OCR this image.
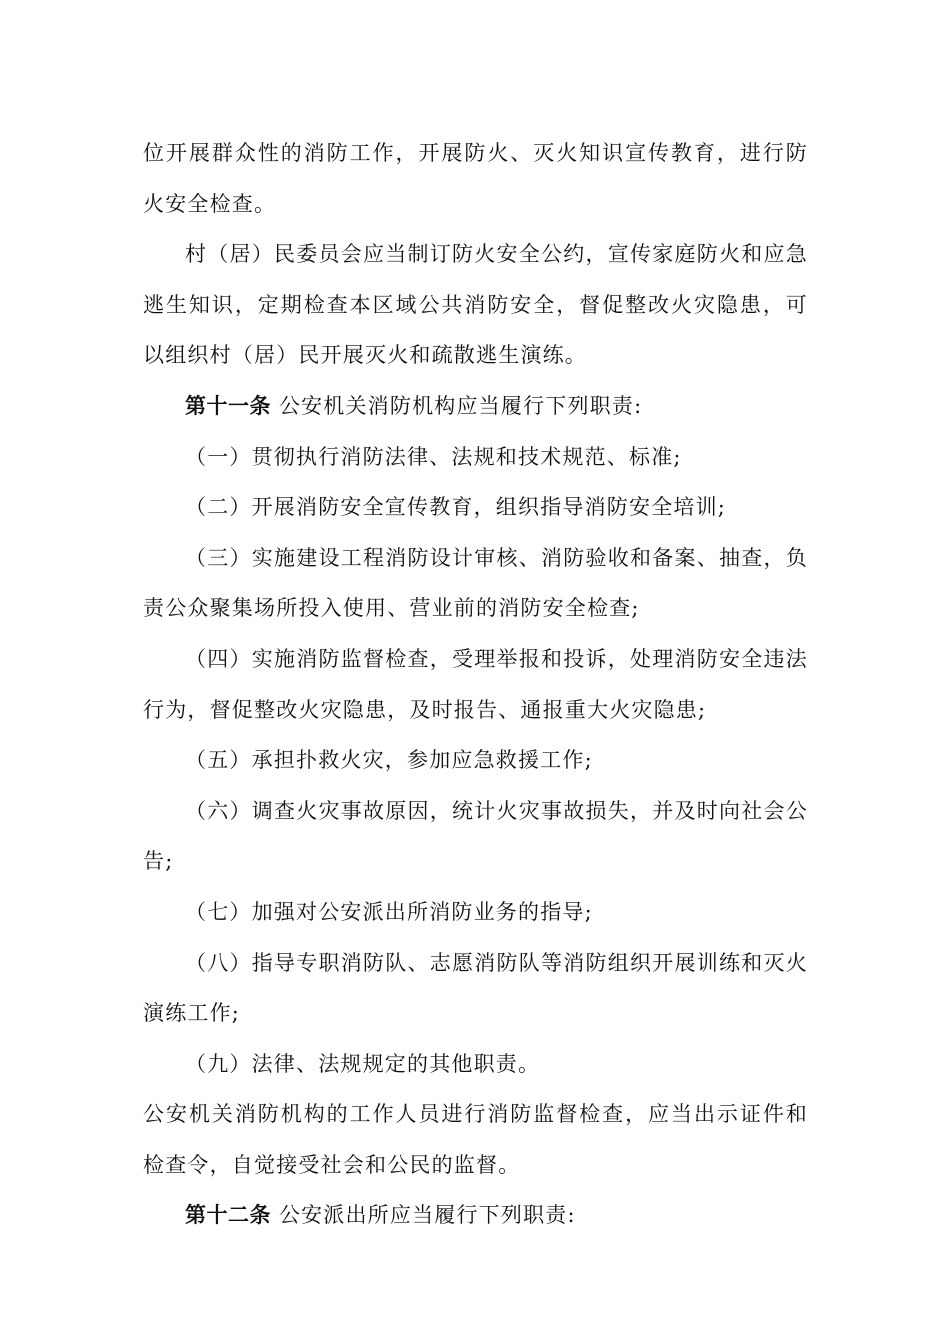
位开展群众性的消防工作，开展防火、灭火知识宣传教育，进行防火安全检查。

村（居）民委员会应当制订防火安全公约，宣传家庭防火和应急逃生知识，定期检查本区域公共消防安全，督促整改火灾隐患，可以组织村（居）民开展灭火和疏散逃生演练。

第十一条 公安机关消防机构应当履行下列职责:

（一）贯彻执行消防法律、法规和技术规范、标准;

（二）开展消防安全宣传教育，组织指导消防安全培训;

（三）实施建设工程消防设计审核、消防验收和备案、抽查，负责公众聚集场所投入使用、营业前的消防安全检查;

（四）实施消防监督检查，受理举报和投诉，处理消防安全违法行为，督促整改火灾隐患，及时报告、通报重大火灾隐患;

（五）承担扑救火灾，参加应急救援工作;

（六）调查火灾事故原因，统计火灾事故损失，并及时向社会公告;

（七）加强对公安派出所消防业务的指导;

（八）指导专职消防队、志愿消防队等消防组织开展训练和灭火演练工作;

（九）法律、法规规定的其他职责。

公安机关消防机构的工作人员进行消防监督检查，应当出示证件和检查令，自觉接受社会和公民的监督。

第十二条 公安派出所应当履行下列职责:
